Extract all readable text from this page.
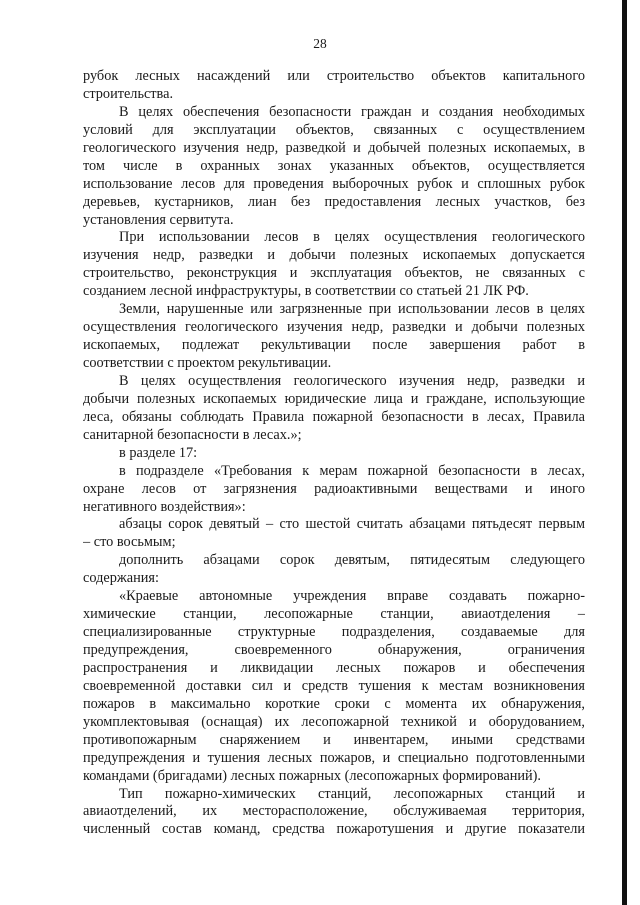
28
рубок лесных насаждений или строительство объектов капитального
строительства.
В целях обеспечения безопасности граждан и создания необходимых
условий для эксплуатации объектов, связанных с осуществлением
геологического изучения недр, разведкой и добычей полезных ископаемых, в
том числе в охранных зонах указанных объектов, осуществляется
использование лесов для проведения выборочных рубок и сплошных рубок
деревьев, кустарников, лиан без предоставления лесных участков, без
установления сервитута.
При использовании лесов в целях осуществления геологического
изучения недр, разведки и добычи полезных ископаемых допускается
строительство, реконструкция и эксплуатация объектов, не связанных с
созданием лесной инфраструктуры, в соответствии со статьей 21 ЛК РФ.
Земли, нарушенные или загрязненные при использовании лесов в целях
осуществления геологического изучения недр, разведки и добычи полезных
ископаемых, подлежат рекультивации после завершения работ в
соответствии с проектом рекультивации.
В целях осуществления геологического изучения недр, разведки и
добычи полезных ископаемых юридические лица и граждане, использующие
леса, обязаны соблюдать Правила пожарной безопасности в лесах, Правила
санитарной безопасности в лесах.»;
в разделе 17:
в подразделе «Требования к мерам пожарной безопасности в лесах,
охране лесов от загрязнения радиоактивными веществами и иного
негативного воздействия»:
абзацы сорок девятый – сто шестой считать абзацами пятьдесят первым
– сто восьмым;
дополнить абзацами сорок девятым, пятидесятым следующего
содержания:
«Краевые автономные учреждения вправе создавать пожарно-
химические станции, лесопожарные станции, авиаотделения –
специализированные структурные подразделения, создаваемые для
предупреждения, своевременного обнаружения, ограничения
распространения и ликвидации лесных пожаров и обеспечения
своевременной доставки сил и средств тушения к местам возникновения
пожаров в максимально короткие сроки с момента их обнаружения,
укомплектовывая (оснащая) их лесопожарной техникой и оборудованием,
противопожарным снаряжением и инвентарем, иными средствами
предупреждения и тушения лесных пожаров, и специально подготовленными
командами (бригадами) лесных пожарных (лесопожарных формирований).
Тип пожарно-химических станций, лесопожарных станций и
авиаотделений, их месторасположение, обслуживаемая территория,
численный состав команд, средства пожаротушения и другие показатели
